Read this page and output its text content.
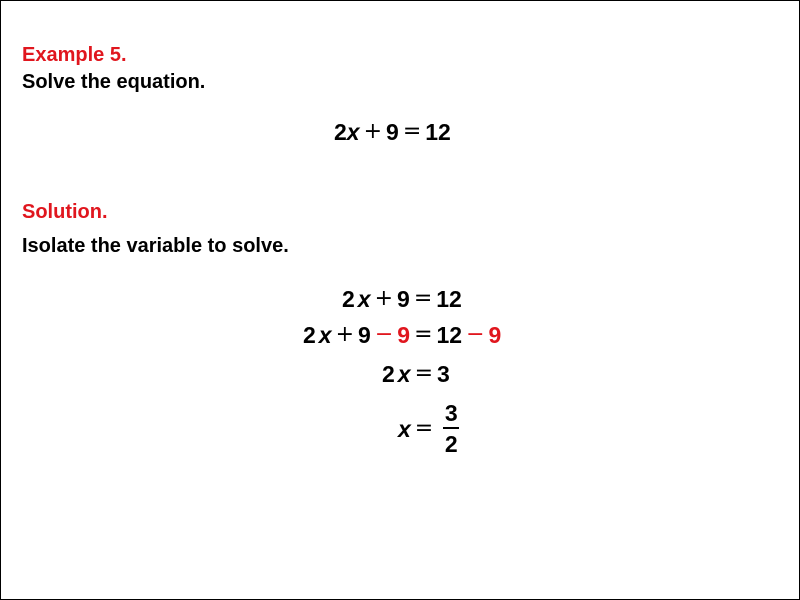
Example 5.
Solve the equation.
2 x + 9 = 12
Solution.
Isolate the variable to solve.
2 x + 9 = 12
2 x + 9 − 9 = 12 − 9
2 x = 3
$x = \frac{3}{2}$
